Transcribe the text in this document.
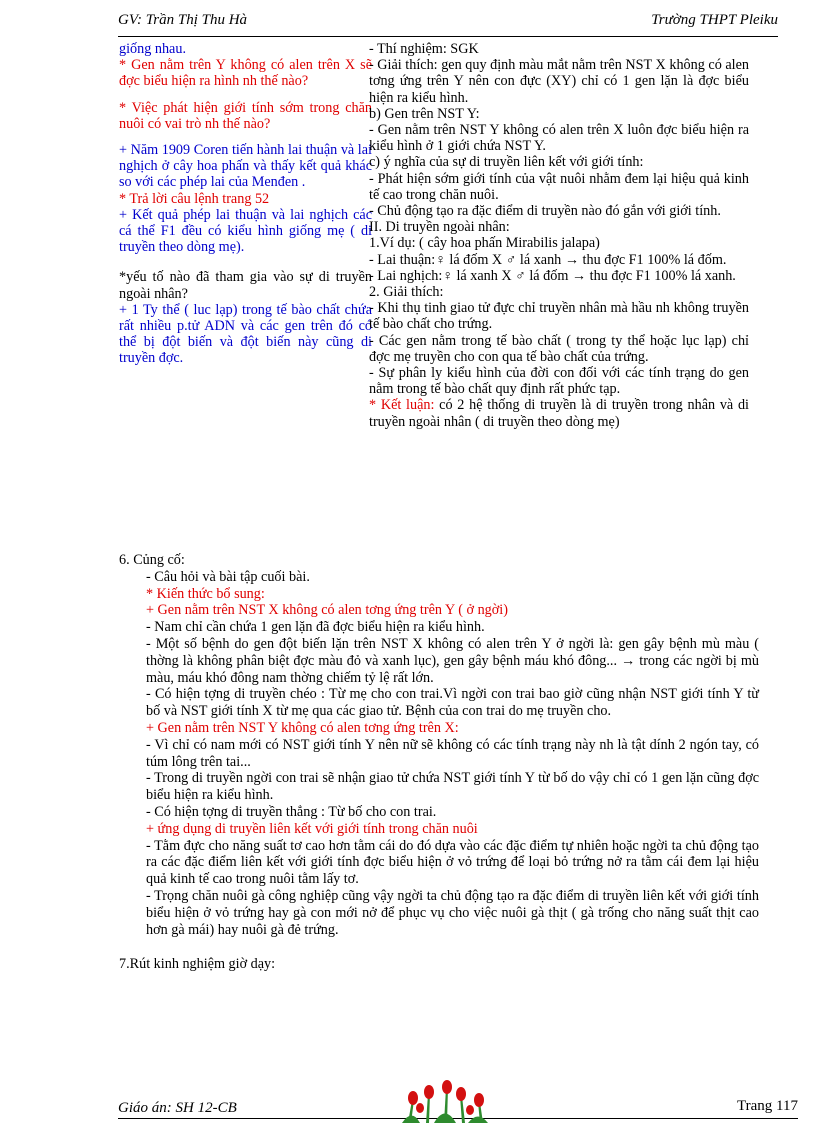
GV: Trần Thị Thu Hà	Trường THPT Pleiku

giống nhau.

* Gen nằm trên Y không có alen trên X sẽ đợc biểu hiện ra hình nh thế nào?

* Việc phát hiện giới tính sớm trong chăn nuôi có vai trò nh thế nào?

+ Năm 1909 Coren tiến hành lai thuận và lai nghịch ở cây hoa phấn và thấy kết quả khác so với các phép lai của Menđen .

* Trả lời câu lệnh trang 52

+ Kết quả phép lai thuận và lai nghịch các cá thể F1 đều có kiểu hình giống mẹ ( di truyền theo dòng mẹ).

*yếu tố nào đã tham gia vào sự di truyền ngoài nhân?

+ 1 Ty thể ( luc lạp) trong tế bào chất chứa rất nhiều p.tử ADN và các gen trên đó có thể bị đột biến và đột biến này cũng di truyền đợc.

- Thí nghiệm: SGK

- Giải thích: gen quy định màu mắt nằm trên NST X không có alen tơng ứng trên Y nên con đực (XY) chỉ có 1 gen lặn là đợc biểu hiện ra kiểu hình.

b) Gen trên NST Y:

- Gen nằm trên NST Y không có alen trên X luôn đợc biểu hiện ra kiểu hình ở 1 giới chứa NST Y.

c) ý nghĩa của sự di truyền liên kết với giới tính:

- Phát hiện sớm giới tính của vật nuôi nhằm đem lại hiệu quả kinh tế cao trong chăn nuôi.

- Chủ động tạo ra đặc điểm di truyền nào đó gắn với giới tính.

II. Di truyền ngoài nhân:

1.Ví dụ: ( cây hoa phấn Mirabilis jalapa)

- Lai thuận:♀ lá đốm X ♂ lá xanh → thu đợc F1 100% lá đốm.

- Lai nghịch:♀ lá xanh X ♂ lá đốm → thu đợc F1 100% lá xanh.

2. Giải thích:

- Khi thụ tinh giao tử đực chỉ truyền nhân mà hầu nh không truyền tế bào chất cho trứng.

- Các gen nằm trong tế bào chất ( trong ty thể hoặc lục lạp) chỉ đợc mẹ truyền cho con qua tế bào chất của trứng.

- Sự phân ly kiểu hình của đời con đối với các tính trạng do gen nằm trong tế bào chất quy định rất phức tạp.

* Kết luận: có 2 hệ thống di truyền là di truyền trong nhân và di truyền ngoài nhân ( di truyền theo dòng mẹ)

6. Củng cố:

- Câu hỏi và bài tập cuối bài.

* Kiến thức bổ sung:

+ Gen nằm trên NST X không có alen tơng ứng trên Y ( ở ngời)

- Nam chỉ cần chứa 1 gen lặn đã đợc biểu hiện ra kiểu hình.

- Một số bệnh do gen đột biến lặn trên NST X không có alen trên Y ở ngời là: gen gây bệnh mù màu ( thờng là không phân biệt đợc màu đỏ và xanh lục), gen gây bệnh máu khó đông... → trong các ngời bị mù màu, máu khó đông nam thờng chiếm tỷ lệ rất lớn.

- Có hiện tợng di truyền chéo : Từ mẹ cho con trai.Vì ngời con trai bao giờ cũng nhận NST giới tính Y từ bố và NST giới tính X từ mẹ qua các giao tử. Bệnh của con trai do mẹ truyền cho.

+ Gen nằm trên NST Y không có alen tơng ứng trên X:

- Vì chỉ có nam mới có NST giới tính Y nên nữ sẽ không có các tính trạng này nh là tật dính 2 ngón tay, có túm lông trên tai...

- Trong di truyền ngời con trai sẽ nhận giao tử chứa NST giới tính Y từ bố do vậy chỉ có 1 gen lặn cũng đợc biểu hiện ra kiểu hình.

- Có hiện tợng di truyền thẳng : Từ bố cho con trai.

+ ứng dụng di truyền liên kết với giới tính trong chăn nuôi

- Tằm đực cho năng suất tơ cao hơn tằm cái do đó dựa vào các đặc điểm tự nhiên hoặc ngời ta chủ động tạo ra các đặc điểm liên kết với giới tính đợc biểu hiện ở vỏ trứng để loại bỏ trứng nở ra tằm cái đem lại hiệu quả kinh tế cao trong nuôi tằm lấy tơ.

- Trọng chăn nuôi gà công nghiệp cũng vậy ngời ta chủ động tạo ra đặc điểm di truyền liên kết với giới tính biểu hiện ở vỏ trứng hay gà con mới nở để phục vụ cho việc nuôi gà thịt ( gà trống cho năng suất thịt cao hơn gà mái) hay nuôi gà đẻ trứng.

7.Rút kinh nghiệm giờ dạy:

Giáo án: SH 12-CB	Trang 117
